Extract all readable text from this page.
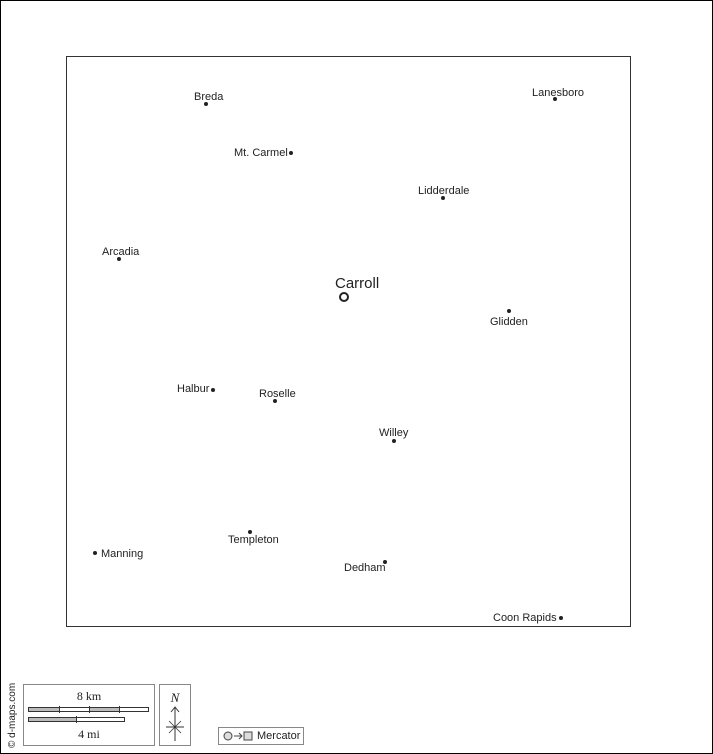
Breda	Lanesboro
Mt. Carmel
Lidderdale
Arcadia
Glidden
Halbur	Roselle
Willey
Manning
Templeton
Dedham
Coon Rapids
Carroll
© d-maps.com	8 km
4 mi
N
Mercator
